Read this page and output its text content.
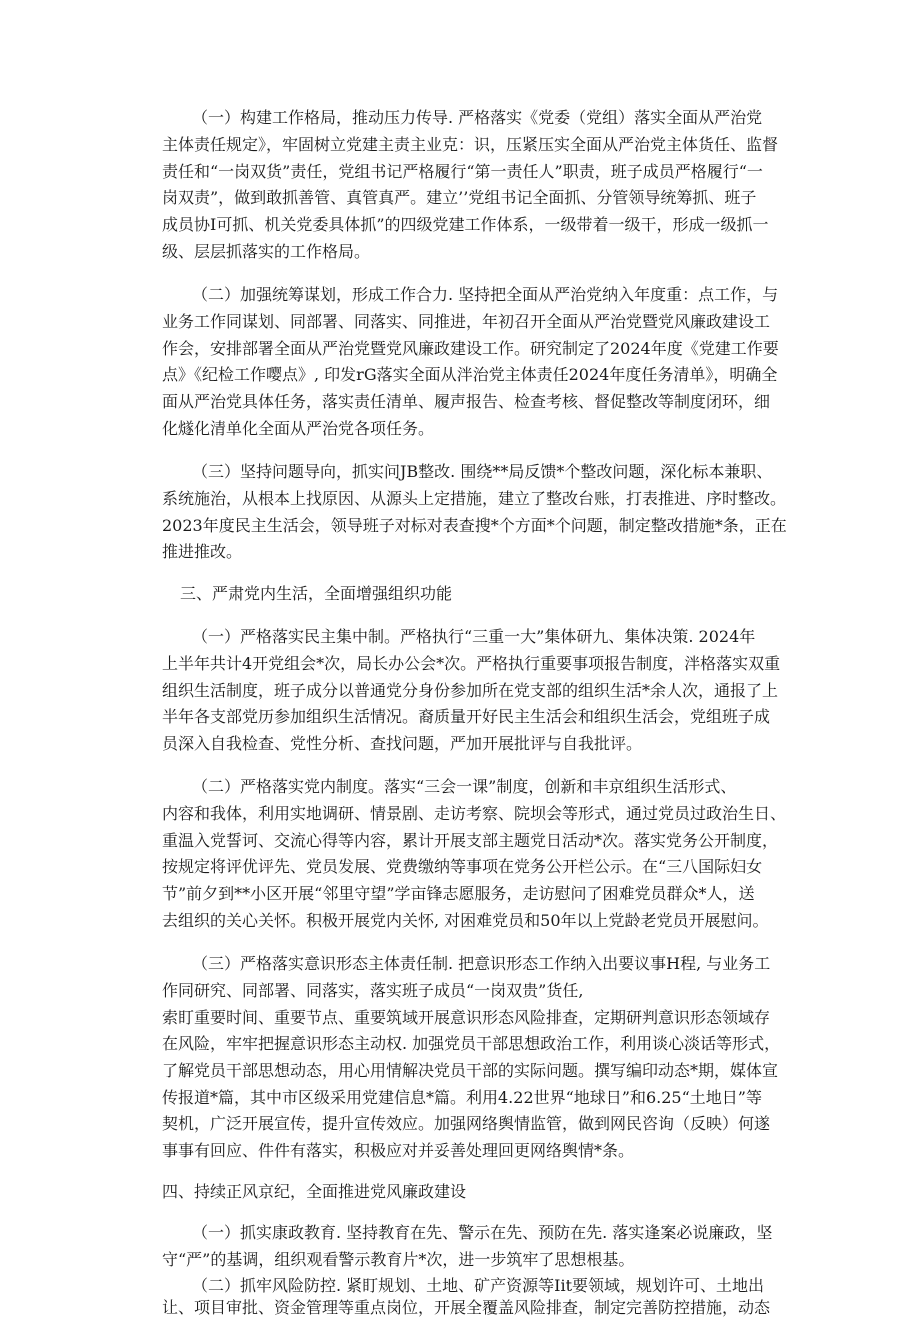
（一）构建工作格局，推动压力传导. 严格落实《党委（党组）落实全面从严治党

主体责任规定》，牢固树立党建主责主业克：识，压紧压实全面从严治党主体货任、监督

责任和“一岗双货”责任，党组书记严格履行“第一责任人”职责，班子成员严格履行“一

岗双责”，做到敢抓善管、真管真严。建立’’党组书记全面抓、分管领导统筹抓、班子

成员协I可抓、机关党委具体抓”的四级党建工作体系，一级带着一级干，形成一级抓一

级、层层抓落实的工作格局。

（二）加强统筹谋划，形成工作合力. 坚持把全面从严治党纳入年度重：点工作，与

业务工作同谋划、同部署、同落实、同推进，年初召开全面从严治党暨党风廉政建设工

作会，安排部署全面从严治党暨党风廉政建设工作。研究制定了2024年度《党建工作要

点》《纪检工作嘤点》, 印发rG落实全面从泮治党主体责任2024年度任务清单》，明确全

面从严治党具体任务，落实责任清单、履声报告、检查考核、督促整改等制度闭环，细

化燧化清单化全面从严治党各项任务。

（三）坚持问题导向，抓实问JB整改. 围绕**局反馈*个整改问题，深化标本兼职、

系统施治，从根本上找原因、从源头上定措施，建立了整改台账，打表推进、序时整改。

2023年度民主生活会，领导班子对标对表查搜*个方面*个问题，制定整改措施*条，正在

推进推改。

三、严肃党内生活，全面增强组织功能

（一）严格落实民主集中制。严格执行“三重一大”集体研九、集体决策. 2024年

上半年共计4开党组会*次，局长办公会*次。严格执行重要事项报告制度，泮格落实双重

组织生活制度，班子成分以普通党分身份参加所在党支部的组织生活*余人次，通报了上

半年各支部党历参加组织生活情况。裔质量开好民主生活会和组织生活会，党组班子成

员深入自我检查、党性分析、查找问题，严加开展批评与自我批评。

（二）严格落实党内制度。落实“三会一课”制度，创新和丰京组织生活形式、

内容和我体，利用实地调研、情景剧、走访考察、院坝会等形式，通过党员过政治生日、

重温入党誓诃、交流心得等内容，累计开展支部主题党日活动*次。落实党务公开制度，

按规定将评优评先、党员发展、党费缴纳等事项在党务公开栏公示。在“三八国际妇女

节”前夕到**小区开展“邻里守望”学亩锋志愿服务，走访慰问了困难党员群众*人，送

去组织的关心关怀。积极开展党内关怀, 对困难党员和50年以上党龄老党员开展慰问。

（三）严格落实意识形态主体责任制. 把意识形态工作纳入出要议事H程, 与业务工

作同研究、同部署、同落实，落实班子成员“一岗双贵”货任,

索盯重要时间、重要节点、重要筑域开展意识形态风险排查，定期研判意识形态领域存

在风险，牢牢把握意识形态主动权. 加强党员干部思想政治工作，利用谈心淡话等形式，

了解党员干部思想动态，用心用情解决党员干部的实际问题。撰写编印动态*期，媒体宣

传报道*篇，其中市区级采用党建信息*篇。利用4.22世界“地球日”和6.25“土地日”等

契机，广泛开展宣传，提升宣传效应。加强网络舆情监管，做到网民咨询（反映）何遂

事事有回应、件件有落实，积极应对并妥善处理回更网络舆情*条。

四、持续正风京纪，全面推进党风廉政建设

（一）抓实康政教育. 坚持教育在先、警示在先、预防在先. 落实逢案必说廉政，坚

守“严”的基调，组织观看警示教育片*次，进一步筑牢了思想根基。

（二）抓牢风险防控. 紧盯规划、土地、矿产资源等Iit要领域，规划许可、土地出

让、项目审批、资金管理等重点岗位，开展全覆盖风险排查，制定完善防控措施，动态
